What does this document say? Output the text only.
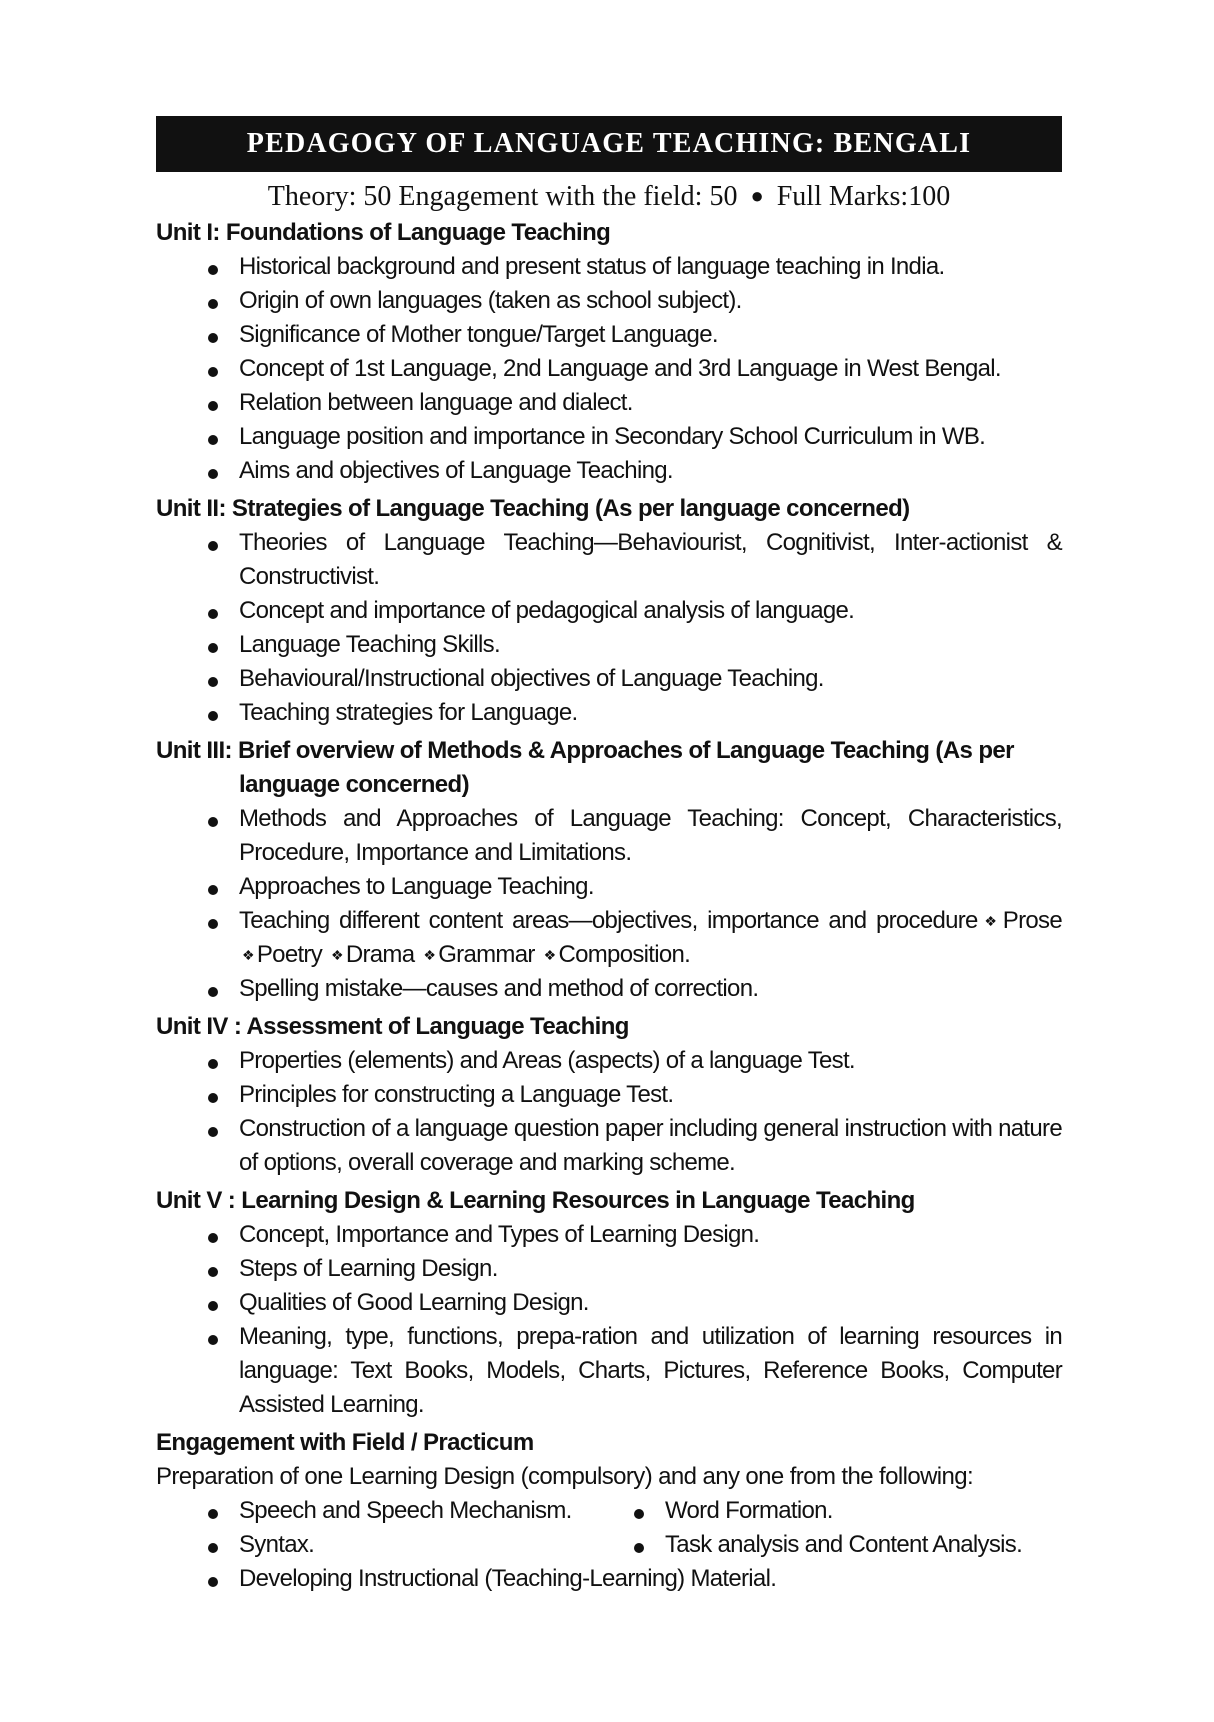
PEDAGOGY OF LANGUAGE TEACHING: BENGALI
Theory: 50 Engagement with the field: 50 ● Full Marks:100
Unit I: Foundations of Language Teaching
Historical background and present status of language teaching in India.
Origin of own languages (taken as school subject).
Significance of Mother tongue/Target Language.
Concept of 1st Language, 2nd Language and 3rd Language in West Bengal.
Relation between language and dialect.
Language position and importance in Secondary School Curriculum in WB.
Aims and objectives of Language Teaching.
Unit II: Strategies of Language Teaching (As per language concerned)
Theories of Language Teaching—Behaviourist, Cognitivist, Inter-actionist & Constructivist.
Concept and importance of pedagogical analysis of language.
Language Teaching Skills.
Behavioural/Instructional objectives of Language Teaching.
Teaching strategies for Language.
Unit III: Brief overview of Methods & Approaches of Language Teaching (As per language concerned)
Methods and Approaches of Language Teaching: Concept, Characteristics, Procedure, Importance and Limitations.
Approaches to Language Teaching.
Teaching different content areas—objectives, importance and procedure ❖ Prose ❖ Poetry ❖ Drama ❖ Grammar ❖ Composition.
Spelling mistake—causes and method of correction.
Unit IV : Assessment of Language Teaching
Properties (elements) and Areas (aspects) of a language Test.
Principles for constructing a Language Test.
Construction of a language question paper including general instruction with nature of options, overall coverage and marking scheme.
Unit V : Learning Design & Learning Resources in Language Teaching
Concept, Importance and Types of Learning Design.
Steps of Learning Design.
Qualities of Good Learning Design.
Meaning, type, functions, prepa-ration and utilization of learning resources in language: Text Books, Models, Charts, Pictures, Reference Books, Computer Assisted Learning.
Engagement with Field / Practicum
Preparation of one Learning Design (compulsory) and any one from the following:
Speech and Speech Mechanism.
Syntax.
Word Formation.
Task analysis and Content Analysis.
Developing Instructional (Teaching-Learning) Material.
